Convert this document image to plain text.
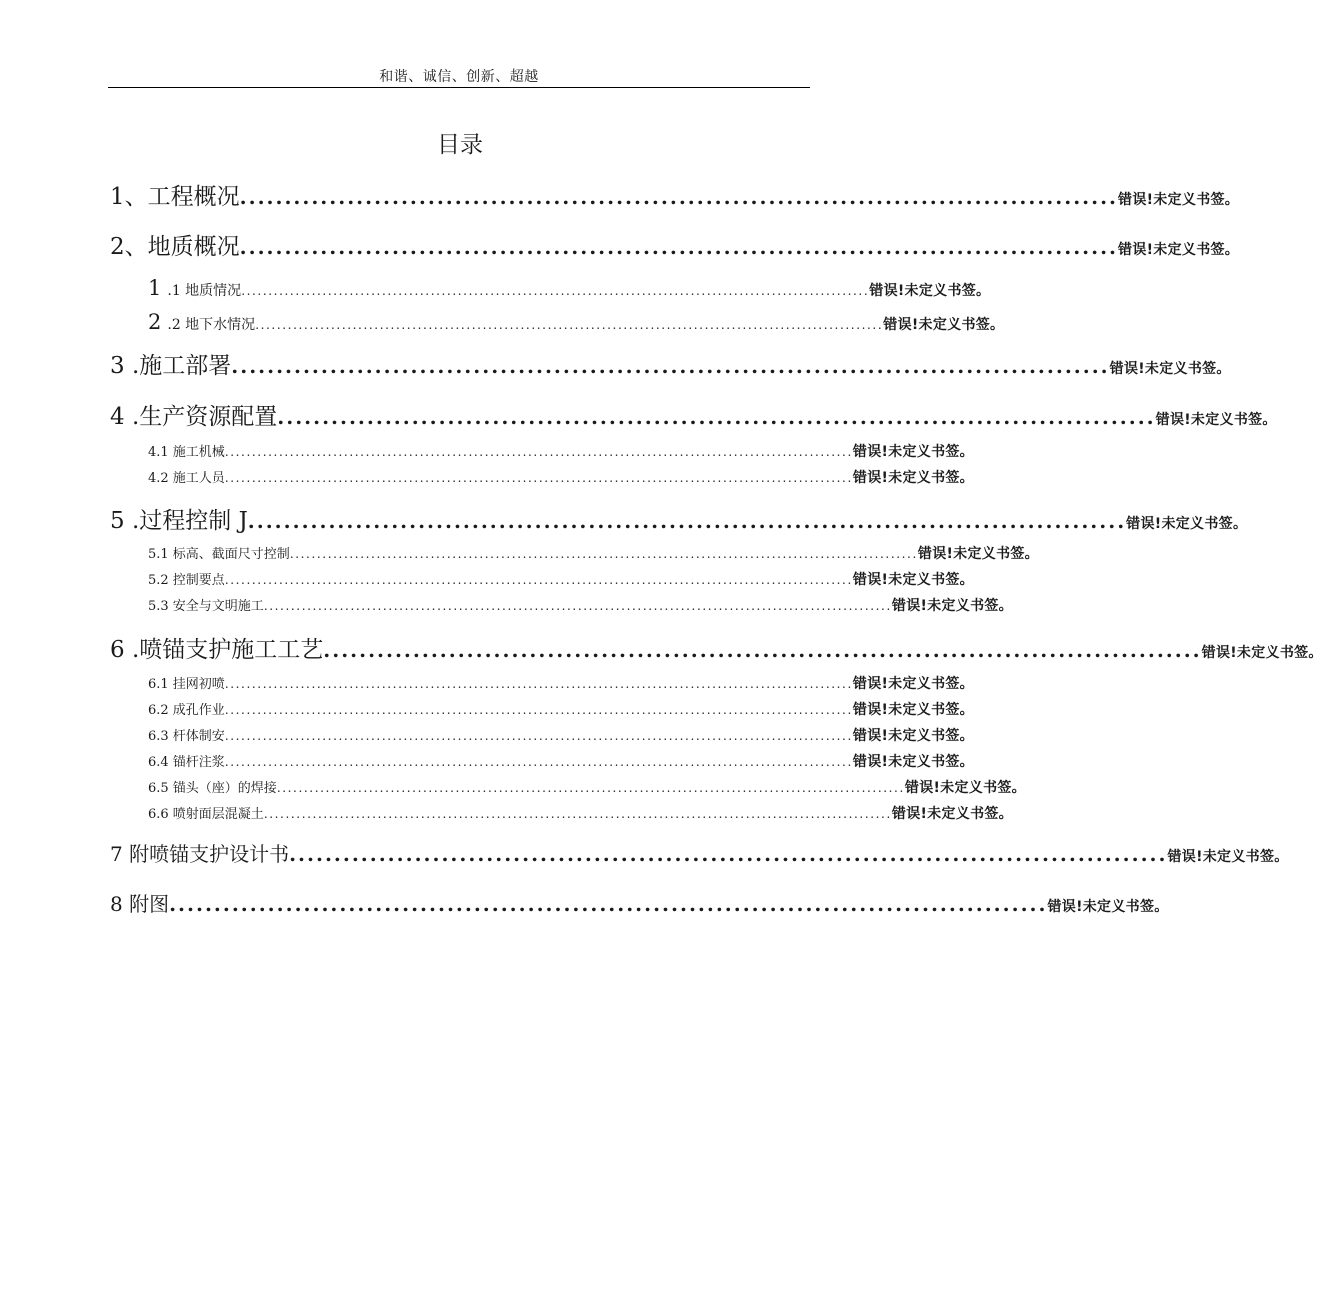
和谐、诚信、创新、超越
目录
1、工程概况 .................................................................................................. 错误!未定义书签。
2、地质概况 .................................................................................................. 错误!未定义书签。
1 .1 地质情况 .................................................................................................................... 错误!未定义书签。
2 .2 地下水情况 .................................................................................................................... 错误!未定义书签。
3 .施工部署 .................................................................................................. 错误!未定义书签。
4 .生产资源配置 .................................................................................................. 错误!未定义书签。
4.1 施工机械 .................................................................................................................... 错误!未定义书签。
4.2 施工人员 .................................................................................................................... 错误!未定义书签。
5 .过程控制 J .................................................................................................. 错误!未定义书签。
5.1 标高、截面尺寸控制 .................................................................................................................... 错误!未定义书签。
5.2 控制要点 .................................................................................................................... 错误!未定义书签。
5.3 安全与文明施工 .................................................................................................................... 错误!未定义书签。
6 .喷锚支护施工工艺 .................................................................................................. 错误!未定义书签。
6.1 挂网初喷 .................................................................................................................... 错误!未定义书签。
6.2 成孔作业 .................................................................................................................... 错误!未定义书签。
6.3 杆体制安 .................................................................................................................... 错误!未定义书签。
6.4 锚杆注浆 .................................................................................................................... 错误!未定义书签。
6.5 锚头（座）的焊接 .................................................................................................................... 错误!未定义书签。
6.6 喷射面层混凝土 .................................................................................................................... 错误!未定义书签。
7 附喷锚支护设计书 .................................................................................................. 错误!未定义书签。
8 附图 .................................................................................................. 错误!未定义书签。
